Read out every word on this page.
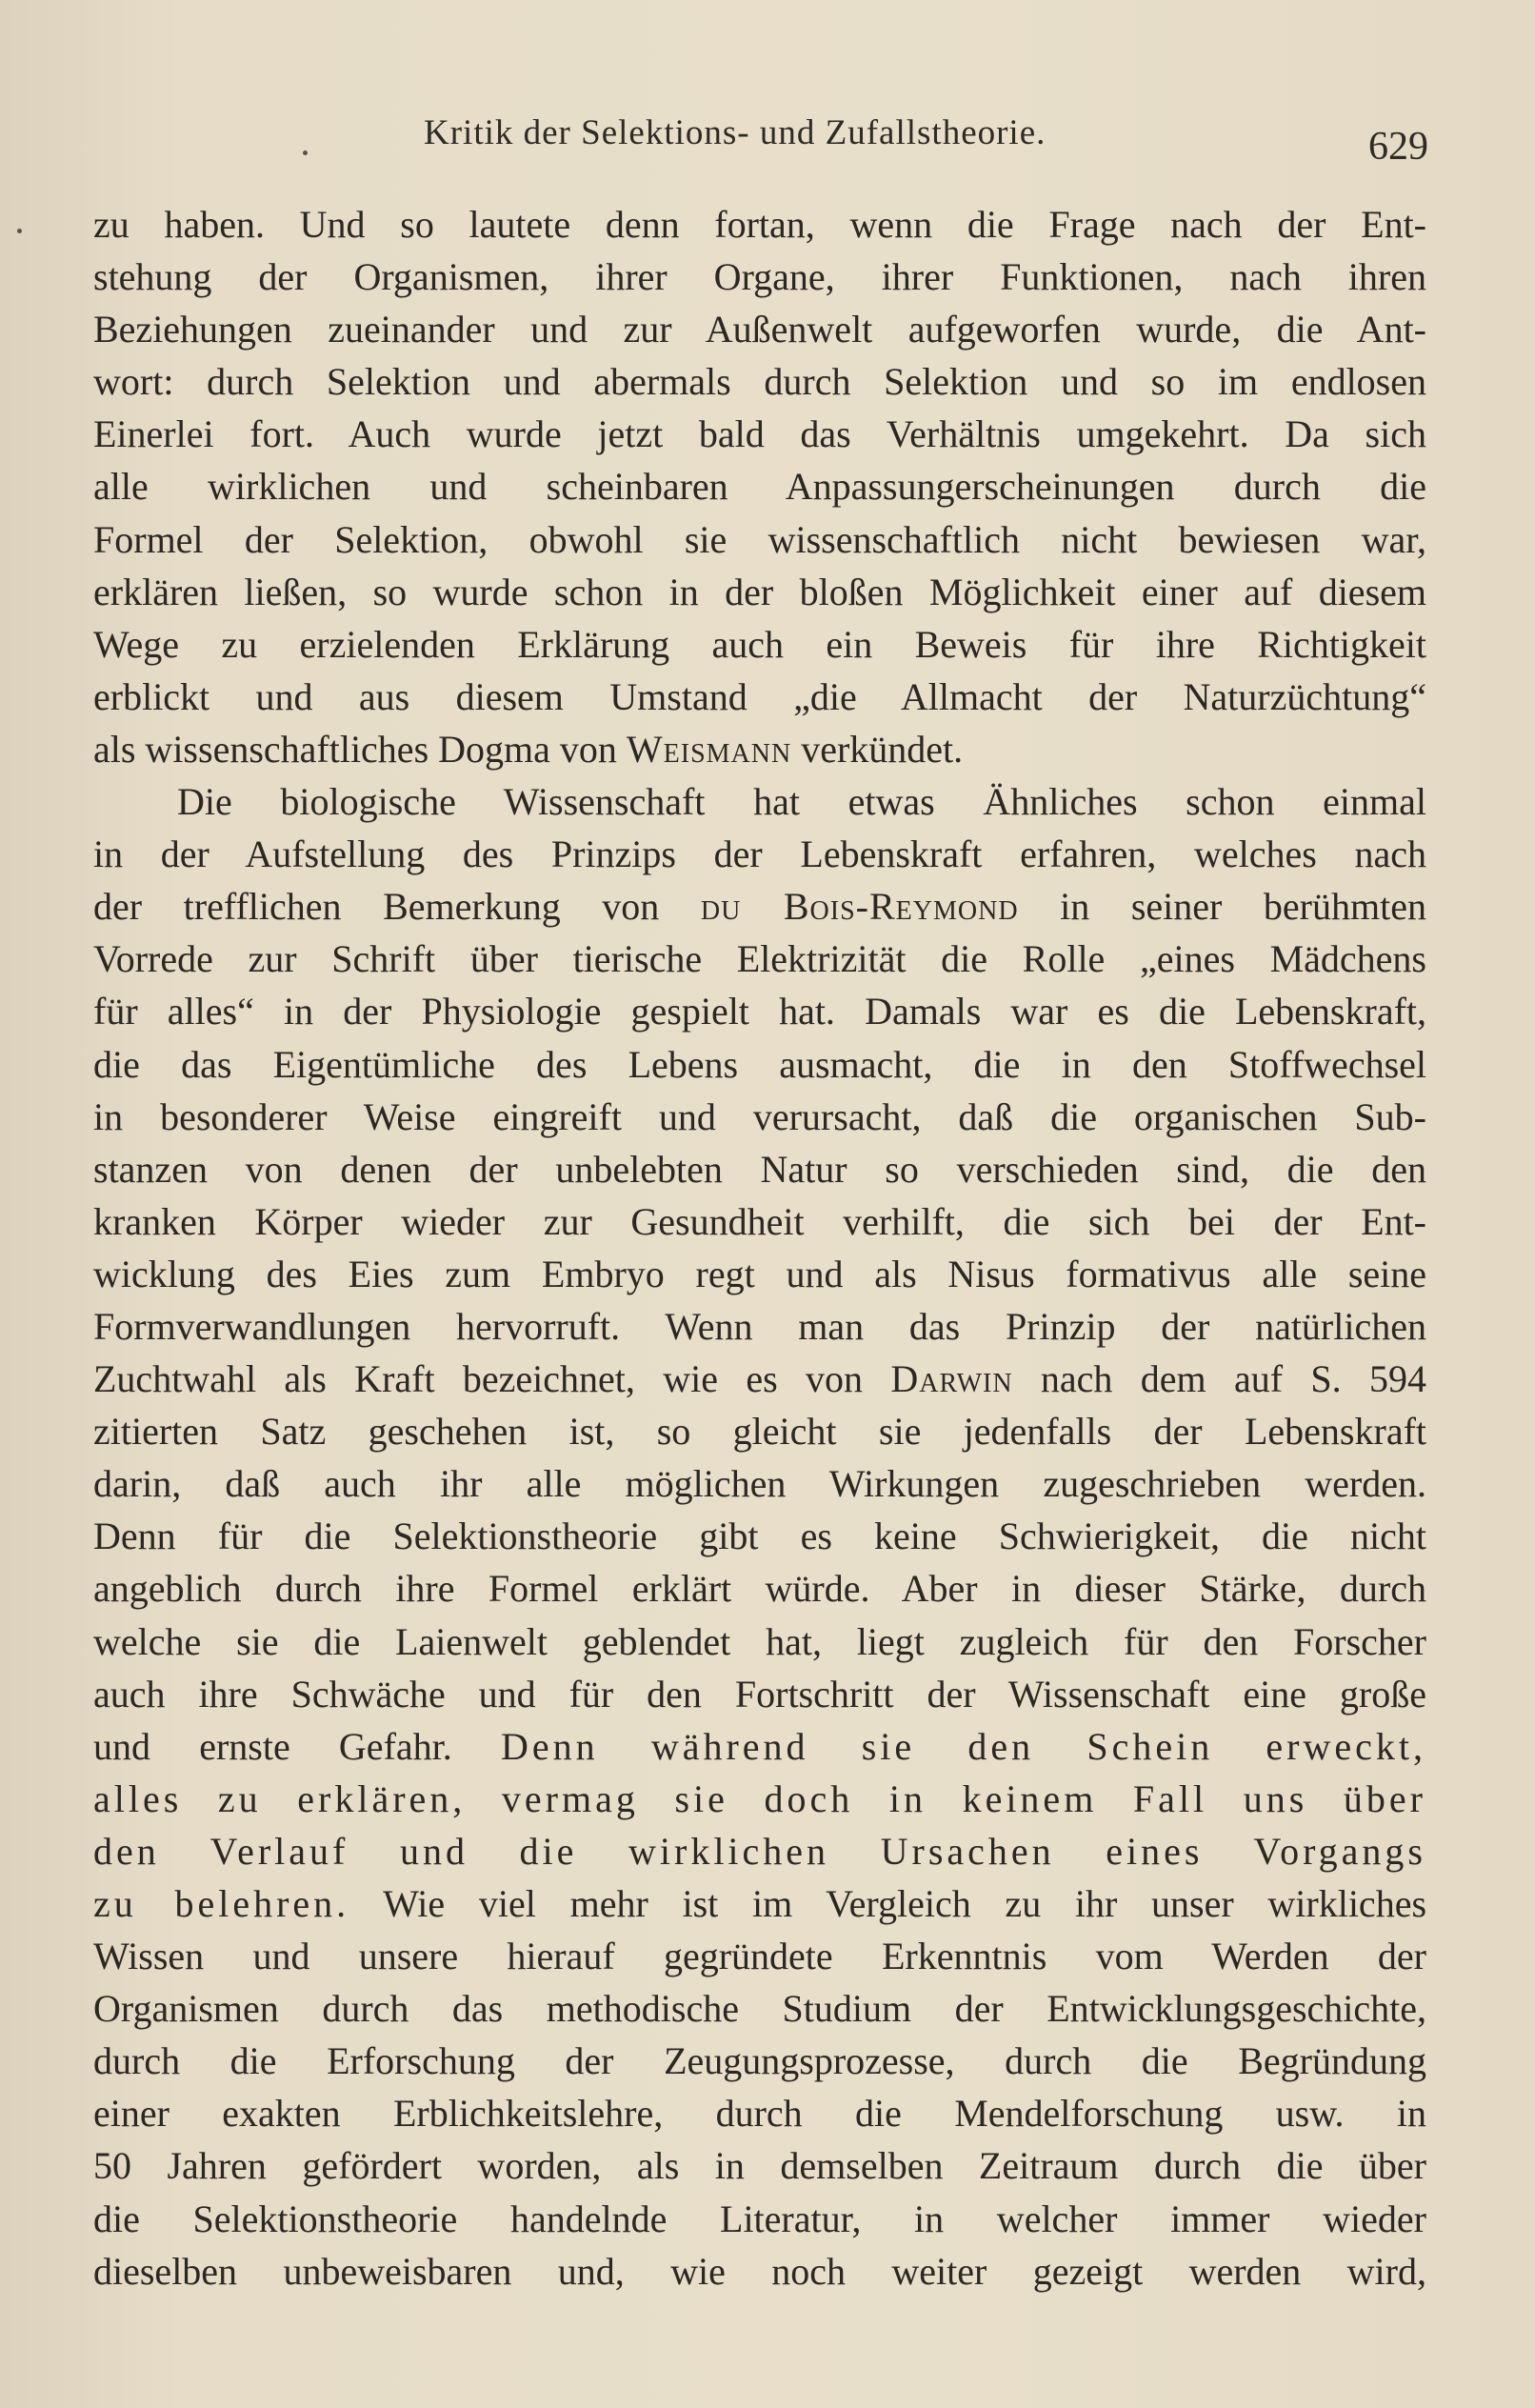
Kritik der Selektions- und Zufallstheorie.	629
zu haben. Und so lautete denn fortan, wenn die Frage nach der Ent-
stehung der Organismen, ihrer Organe, ihrer Funktionen, nach ihren
Beziehungen zueinander und zur Außenwelt aufgeworfen wurde, die Ant-
wort: durch Selektion und abermals durch Selektion und so im endlosen
Einerlei fort. Auch wurde jetzt bald das Verhältnis umgekehrt. Da sich
alle wirklichen und scheinbaren Anpassungerscheinungen durch die
Formel der Selektion, obwohl sie wissenschaftlich nicht bewiesen war,
erklären ließen, so wurde schon in der bloßen Möglichkeit einer auf diesem
Wege zu erzielenden Erklärung auch ein Beweis für ihre Richtigkeit
erblickt und aus diesem Umstand „die Allmacht der Naturzüchtung“
als wissenschaftliches Dogma von Weismann verkündet.
Die biologische Wissenschaft hat etwas Ähnliches schon einmal
in der Aufstellung des Prinzips der Lebenskraft erfahren, welches nach
der trefflichen Bemerkung von du Bois-Reymond in seiner berühmten
Vorrede zur Schrift über tierische Elektrizität die Rolle „eines Mädchens
für alles“ in der Physiologie gespielt hat. Damals war es die Lebenskraft,
die das Eigentümliche des Lebens ausmacht, die in den Stoffwechsel
in besonderer Weise eingreift und verursacht, daß die organischen Sub-
stanzen von denen der unbelebten Natur so verschieden sind, die den
kranken Körper wieder zur Gesundheit verhilft, die sich bei der Ent-
wicklung des Eies zum Embryo regt und als Nisus formativus alle seine
Formverwandlungen hervorruft. Wenn man das Prinzip der natürlichen
Zuchtwahl als Kraft bezeichnet, wie es von Darwin nach dem auf S. 594
zitierten Satz geschehen ist, so gleicht sie jedenfalls der Lebenskraft
darin, daß auch ihr alle möglichen Wirkungen zugeschrieben werden.
Denn für die Selektionstheorie gibt es keine Schwierigkeit, die nicht
angeblich durch ihre Formel erklärt würde. Aber in dieser Stärke, durch
welche sie die Laienwelt geblendet hat, liegt zugleich für den Forscher
auch ihre Schwäche und für den Fortschritt der Wissenschaft eine große
und ernste Gefahr. Denn während sie den Schein erweckt,
alles zu erklären, vermag sie doch in keinem Fall uns über
den Verlauf und die wirklichen Ursachen eines Vorgangs
zu belehren. Wie viel mehr ist im Vergleich zu ihr unser wirkliches
Wissen und unsere hierauf gegründete Erkenntnis vom Werden der
Organismen durch das methodische Studium der Entwicklungsgeschichte,
durch die Erforschung der Zeugungsprozesse, durch die Begründung
einer exakten Erblichkeitslehre, durch die Mendelforschung usw. in
50 Jahren gefördert worden, als in demselben Zeitraum durch die über
die Selektionstheorie handelnde Literatur, in welcher immer wieder
dieselben unbeweisbaren und, wie noch weiter gezeigt werden wird,
